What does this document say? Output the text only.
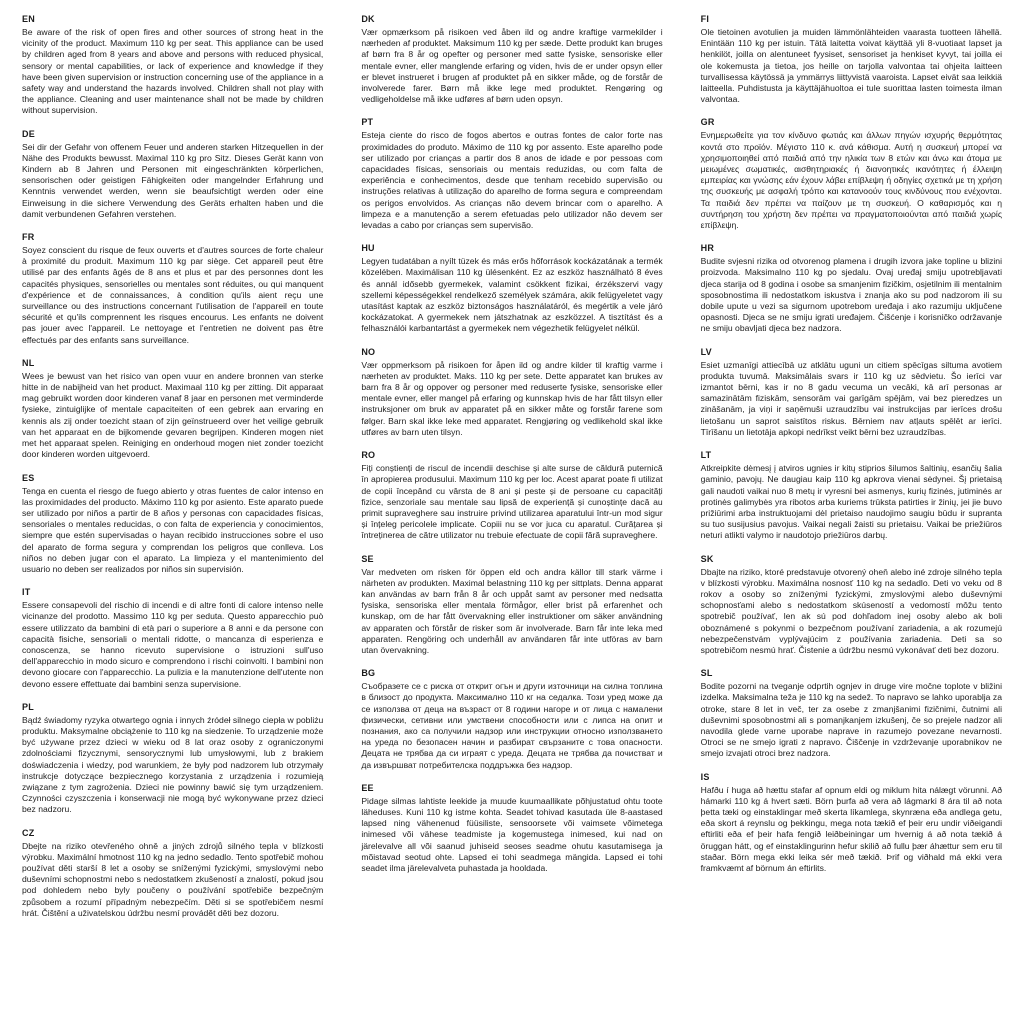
EN

Be aware of the risk of open fires and other sources of strong heat in the vicinity of the product. Maximum 110 kg per seat. This appliance can be used by children aged from 8 years and above and persons with reduced physical, sensory or mental capabilities, or lack of experience and knowledge if they have been given supervision or instruction concerning use of the appliance in a safety way and understand the hazards involved. Children shall not play with the appliance. Cleaning and user maintenance shall not be made by children without supervision.

DE

Sei dir der Gefahr von offenem Feuer und anderen starken Hitzequellen in der Nähe des Produkts bewusst. Maximal 110 kg pro Sitz. Dieses Gerät kann von Kindern ab 8 Jahren und Personen mit eingeschränkten körperlichen, sensorischen oder geistigen Fähigkeiten oder mangelnder Erfahrung und Kenntnis verwendet werden, wenn sie beaufsichtigt werden oder eine Einweisung in die sichere Verwendung des Geräts erhalten haben und die damit verbundenen Gefahren verstehen.

FR

Soyez conscient du risque de feux ouverts et d'autres sources de forte chaleur à proximité du produit. Maximum 110 kg par siège. Cet appareil peut être utilisé par des enfants âgés de 8 ans et plus et par des personnes dont les capacités physiques, sensorielles ou mentales sont réduites, ou qui manquent d'expérience et de connaissances, à condition qu'ils aient reçu une surveillance ou des instructions concernant l'utilisation de l'appareil en toute sécurité et qu'ils comprennent les risques encourus. Les enfants ne doivent pas jouer avec l'appareil. Le nettoyage et l'entretien ne doivent pas être effectués par des enfants sans surveillance.

NL

Wees je bewust van het risico van open vuur en andere bronnen van sterke hitte in de nabijheid van het product. Maximaal 110 kg per zitting. Dit apparaat mag gebruikt worden door kinderen vanaf 8 jaar en personen met verminderde fysieke, zintuiglijke of mentale capaciteiten of een gebrek aan ervaring en kennis als zij onder toezicht staan of zijn geïnstrueerd over het veilige gebruik van het apparaat en de bijkomende gevaren begrijpen. Kinderen mogen niet met het apparaat spelen. Reiniging en onderhoud mogen niet zonder toezicht door kinderen worden uitgevoerd.

ES

Tenga en cuenta el riesgo de fuego abierto y otras fuentes de calor intenso en las proximidades del producto. Máximo 110 kg por asiento. Este aparato puede ser utilizado por niños a partir de 8 años y personas con capacidades físicas, sensoriales o mentales reducidas, o con falta de experiencia y conocimientos, siempre que estén supervisadas o hayan recibido instrucciones sobre el uso del aparato de forma segura y comprendan los peligros que conlleva. Los niños no deben jugar con el aparato. La limpieza y el mantenimiento del usuario no deben ser realizados por niños sin supervisión.

IT

Essere consapevoli del rischio di incendi e di altre fonti di calore intenso nelle vicinanze del prodotto. Massimo 110 kg per seduta. Questo apparecchio può essere utilizzato da bambini di età pari o superiore a 8 anni e da persone con capacità fisiche, sensoriali o mentali ridotte, o mancanza di esperienza e conoscenza, se hanno ricevuto supervisione o istruzioni sull'uso dell'apparecchio in modo sicuro e comprendono i rischi coinvolti. I bambini non devono giocare con l'apparecchio. La pulizia e la manutenzione dell'utente non devono essere effettuate dai bambini senza supervisione.

PL

Bądź świadomy ryzyka otwartego ognia i innych źródeł silnego ciepła w pobliżu produktu. Maksymalne obciążenie to 110 kg na siedzenie. To urządzenie może być używane przez dzieci w wieku od 8 lat oraz osoby z ograniczonymi zdolnościami fizycznymi, sensorycznymi lub umysłowymi, lub z brakiem doświadczenia i wiedzy, pod warunkiem, że były pod nadzorem lub otrzymały instrukcje dotyczące bezpiecznego korzystania z urządzenia i rozumieją związane z tym zagrożenia. Dzieci nie powinny bawić się tym urządzeniem. Czynności czyszczenia i konserwacji nie mogą być wykonywane przez dzieci bez nadzoru.

CZ

Dbejte na riziko otevřeného ohně a jiných zdrojů silného tepla v blízkosti výrobku. Maximální hmotnost 110 kg na jedno sedadlo. Tento spotřebič mohou používat děti starší 8 let a osoby se sníženými fyzickými, smyslovými nebo duševními schopnostmi nebo s nedostatkem zkušeností a znalostí, pokud jsou pod dohledem nebo byly poučeny o používání spotřebiče bezpečným způsobem a rozumí případným nebezpečím. Děti si se spotřebičem nesmí hrát. Čištění a uživatelskou údržbu nesmí provádět děti bez dozoru.

DK

Vær opmærksom på risikoen ved åben ild og andre kraftige varmekilder i nærheden af produktet. Maksimum 110 kg per sæde. Dette produkt kan bruges af børn fra 8 år og opefter og personer med satte fysiske, sensoriske eller mentale evner, eller manglende erfaring og viden, hvis de er under opsyn eller er blevet instrueret i brugen af produktet på en sikker måde, og de forstår de involverede farer. Børn må ikke lege med produktet. Rengøring og vedligeholdelse må ikke udføres af børn uden opsyn.

PT

Esteja ciente do risco de fogos abertos e outras fontes de calor forte nas proximidades do produto. Máximo de 110 kg por assento. Este aparelho pode ser utilizado por crianças a partir dos 8 anos de idade e por pessoas com capacidades físicas, sensoriais ou mentais reduzidas, ou com falta de experiência e conhecimentos, desde que tenham recebido supervisão ou instruções relativas à utilização do aparelho de forma segura e compreendam os perigos envolvidos. As crianças não devem brincar com o aparelho. A limpeza e a manutenção a serem efetuadas pelo utilizador não devem ser levadas a cabo por crianças sem supervisão.

HU

Legyen tudatában a nyílt tüzek és más erős hőforrások kockázatának a termék közelében. Maximálisan 110 kg ülésenként. Ez az eszköz használható 8 éves és annál idősebb gyermekek, valamint csökkent fizikai, érzékszervi vagy szellemi képességekkel rendelkező személyek számára, akik felügyeletet vagy utasítást kaptak az eszköz biztonságos használatáról, és megértik a vele járó kockázatokat. A gyermekek nem játszhatnak az eszközzel. A tisztítást és a felhasználói karbantartást a gyermekek nem végezhetik felügyelet nélkül.

NO

Vær oppmerksom på risikoen for åpen ild og andre kilder til kraftig varme i nærheten av produktet. Maks. 110 kg per sete. Dette apparatet kan brukes av barn fra 8 år og oppover og personer med reduserte fysiske, sensoriske eller mentale evner, eller mangel på erfaring og kunnskap hvis de har fått tilsyn eller instruksjoner om bruk av apparatet på en sikker måte og forstår farene som følger. Barn skal ikke leke med apparatet. Rengjøring og vedlikehold skal ikke utføres av barn uten tilsyn.

RO

Fiți conștienți de riscul de incendii deschise și alte surse de căldură puternică în apropierea produsului. Maximum 110 kg per loc. Acest aparat poate fi utilizat de copii începând cu vârsta de 8 ani și peste și de persoane cu capacități fizice, senzoriale sau mentale sau lipsă de experiență și cunoștințe dacă au primit supraveghere sau instruire privind utilizarea aparatului într-un mod sigur și înțeleg pericolele implicate. Copiii nu se vor juca cu aparatul. Curățarea și întreținerea de către utilizator nu trebuie efectuate de copii fără supraveghere.

SE

Var medveten om risken för öppen eld och andra källor till stark värme i närheten av produkten. Maximal belastning 110 kg per sittplats. Denna apparat kan användas av barn från 8 år och uppåt samt av personer med nedsatta fysiska, sensoriska eller mentala förmågor, eller brist på erfarenhet och kunskap, om de har fått övervakning eller instruktioner om säker användning av apparaten och förstår de risker som är involverade. Barn får inte leka med apparaten. Rengöring och underhåll av användaren får inte utföras av barn utan övervakning.

BG

Съобразете се с риска от открит огън и други източници на силна топлина в близост до продукта. Максимално 110 кг на седалка. Този уред може да се използва от деца на възраст от 8 години нагоре и от лица с намалени физически, сетивни или умствени способности или с липса на опит и познания, ако са получили надзор или инструкции относно използването на уреда по безопасен начин и разбират свързаните с това опасности. Децата не трябва да си играят с уреда. Децата не трябва да почистват и да извършват потребителска поддръжка без надзор.

EE

Pidage silmas lahtiste leekide ja muude kuumaallikate põhjustatud ohtu toote läheduses. Kuni 110 kg istme kohta. Seadet tohivad kasutada üle 8-aastased lapsed ning vähenenud füüsiliste, sensoorsete või vaimsete võimetega inimesed või vähese teadmiste ja kogemustega inimesed, kui nad on järelevalve all või saanud juhiseid seoses seadme ohutu kasutamisega ja mõistavad seotud ohte. Lapsed ei tohi seadmega mängida. Lapsed ei tohi seadet ilma järelevalveta puhastada ja hooldada.

FI

Ole tietoinen avotulien ja muiden lämmönlähteiden vaarasta tuotteen lähellä. Enintään 110 kg per istuin. Tätä laitetta voivat käyttää yli 8-vuotiaat lapset ja henkilöt, joilla on alentuneet fyysiset, sensoriset ja henkiset kyvyt, tai joilla ei ole kokemusta ja tietoa, jos heille on tarjolla valvontaa tai ohjeita laitteen turvallisessa käytössä ja ymmärrys liittyvistä vaaroista. Lapset eivät saa leikkiä laitteella. Puhdistusta ja käyttäjähuoltoa ei tule suorittaa lasten toimesta ilman valvontaa.

GR

Ενημερωθείτε για τον κίνδυνο φωτιάς και άλλων πηγών ισχυρής θερμότητας κοντά στο προϊόν. Μέγιστο 110 κ. ανά κάθισμα. Αυτή η συσκευή μπορεί να χρησιμοποιηθεί από παιδιά από την ηλικία των 8 ετών και άνω και άτομα με μειωμένες σωματικές, αισθητηριακές ή διανοητικές ικανότητες ή έλλειψη εμπειρίας και γνώσης εάν έχουν λάβει επίβλεψη ή οδηγίες σχετικά με τη χρήση της συσκευής με ασφαλή τρόπο και κατανοούν τους κινδύνους που ενέχονται. Τα παιδιά δεν πρέπει να παίζουν με τη συσκευή. Ο καθαρισμός και η συντήρηση του χρήστη δεν πρέπει να πραγματοποιούνται από παιδιά χωρίς επίβλεψη.

HR

Budite svjesni rizika od otvorenog plamena i drugih izvora jake topline u blizini proizvoda. Maksimalno 110 kg po sjedalu. Ovaj uređaj smiju upotrebljavati djeca starija od 8 godina i osobe sa smanjenim fizičkim, osjetilnim ili mentalnim sposobnostima ili nedostatkom iskustva i znanja ako su pod nadzorom ili su dobile upute u vezi sa sigurnom upotrebom uređaja i ako razumiju uključene opasnosti. Djeca se ne smiju igrati uređajem. Čišćenje i korisničko održavanje ne smiju obavljati djeca bez nadzora.

LV

Esiet uzmanīgi attiecībā uz atklātu uguni un citiem spēcīgas siltuma avotiem produkta tuvumā. Maksimālais svars ir 110 kg uz sēdvietu. Šo ierīci var izmantot bērni, kas ir no 8 gadu vecuma un vecāki, kā arī personas ar samazinātām fiziskām, sensorām vai garīgām spējām, vai bez pieredzes un zināšanām, ja viņi ir saņēmuši uzraudzību vai instrukcijas par ierīces drošu lietošanu un saprot saistītos riskus. Bērniem nav atļauts spēlēt ar ierīci. Tīrīšanu un lietotāja apkopi nedrīkst veikt bērni bez uzraudzības.

LT

Atkreipkite dėmesį į atviros ugnies ir kitų stiprios šilumos šaltinių, esančių šalia gaminio, pavojų. Ne daugiau kaip 110 kg apkrova vienai sėdynei. Šį prietaisą gali naudoti vaikai nuo 8 metų ir vyresni bei asmenys, kurių fizinės, jutiminės ar protinės galimybės yra ribotos arba kuriems trūksta patirties ir žinių, jei jie buvo prižiūrimi arba instruktuojami dėl prietaiso naudojimo saugiu būdu ir supranta su tuo susijusius pavojus. Vaikai negali žaisti su prietaisu. Vaikai be priežiūros neturi atlikti valymo ir naudotojo priežiūros darbų.

SK

Dbajte na riziko, ktoré predstavuje otvorený oheň alebo iné zdroje silného tepla v blízkosti výrobku. Maximálna nosnosť 110 kg na sedadlo. Deti vo veku od 8 rokov a osoby so zníženými fyzickými, zmyslovými alebo duševnými schopnosťami alebo s nedostatkom skúseností a vedomostí môžu tento spotrebič používať, len ak sú pod dohľadom inej osoby alebo ak boli oboznámené s pokynmi o bezpečnom používaní zariadenia, a ak rozumejú nebezpečenstvám vyplývajúcim z používania zariadenia. Deti sa so spotrebičom nesmú hrať. Čistenie a údržbu nesmú vykonávať deti bez dozoru.

SL

Bodite pozorni na tveganje odprtih ognjev in druge vire močne toplote v bližini izdelka. Maksimalna teža je 110 kg na sedež. To napravo se lahko uporablja za otroke, stare 8 let in več, ter za osebe z zmanjšanimi fizičnimi, čutnimi ali duševnimi sposobnostmi ali s pomanjkanjem izkušenj, če so prejele nadzor ali navodila glede varne uporabe naprave in razumejo povezane nevarnosti. Otroci se ne smejo igrati z napravo. Čiščenje in vzdrževanje uporabnikov ne smejo izvajati otroci brez nadzora.

IS

Hafðu í huga að hættu stafar af opnum eldi og miklum hita nálægt vörunni. Að hámarki 110 kg á hvert sæti. Börn þurfa að vera að lágmarki 8 ára til að nota þetta tæki og einstaklingar með skerta líkamlega, skynræna eða andlega getu, eða skort á reynslu og þekkingu, mega nota tækið ef þeir eru undir viðeigandi eftirliti eða ef þeir hafa fengið leiðbeiningar um hvernig á að nota tækið á öruggan hátt, og ef einstaklingurinn hefur skilið að fullu þær áhættur sem eru til staðar. Börn mega ekki leika sér með tækið. Þrif og viðhald má ekki vera framkvæmt af börnum án eftirlits.
